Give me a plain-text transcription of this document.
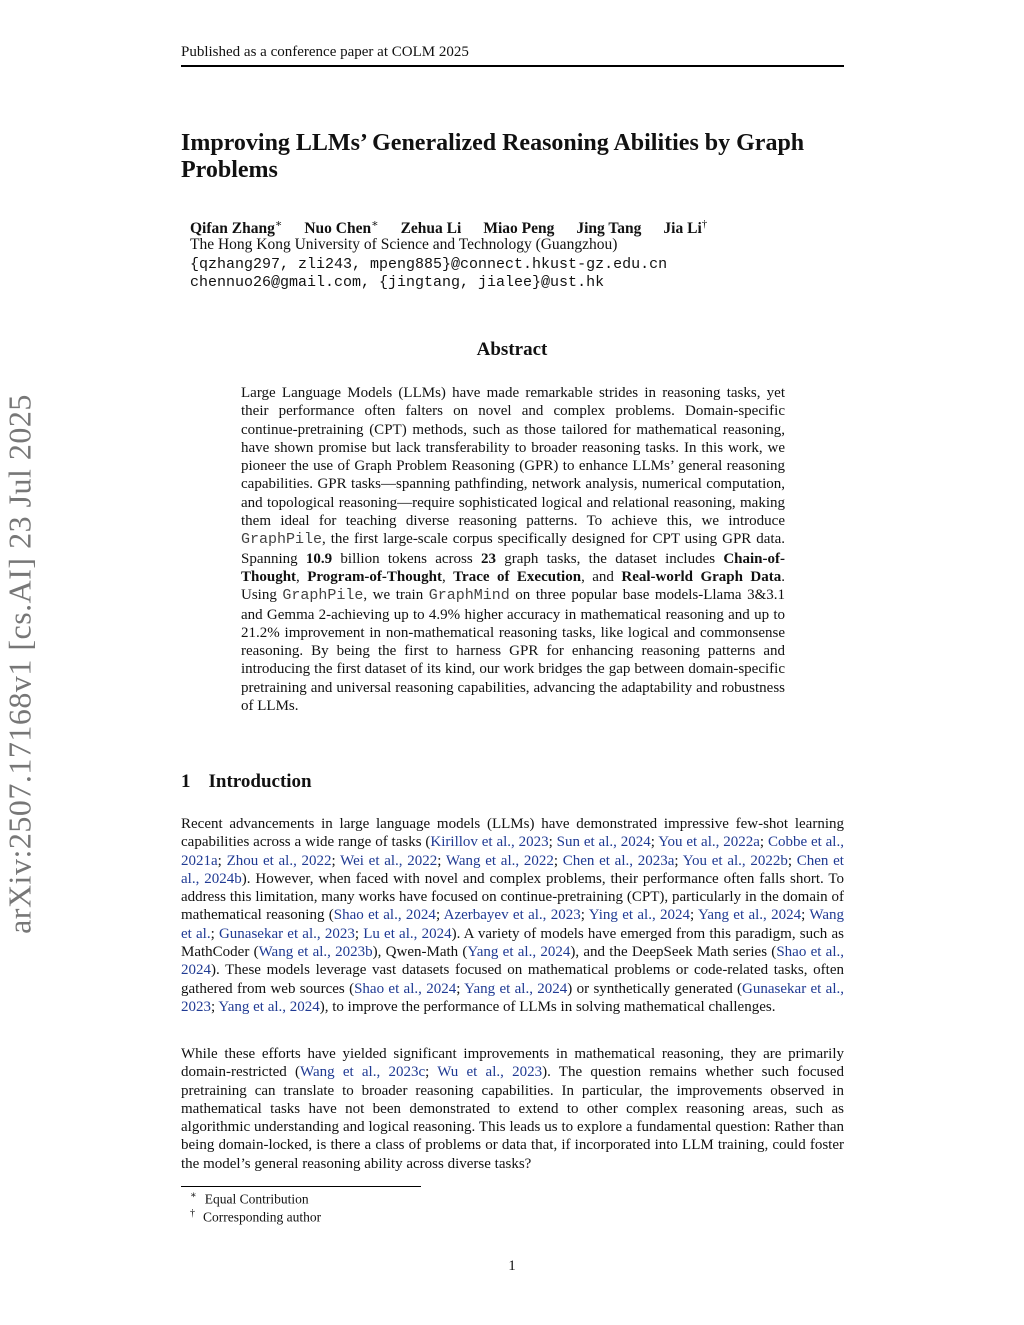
Published as a conference paper at COLM 2025
arXiv:2507.17168v1 [cs.AI] 23 Jul 2025
Improving LLMs’ Generalized Reasoning Abilities by Graph Problems
Qifan Zhang∗ Nuo Chen∗ Zehua Li Miao Peng Jing Tang Jia Li†
The Hong Kong University of Science and Technology (Guangzhou)
{qzhang297, zli243, mpeng885}@connect.hkust-gz.edu.cn
chennuo26@gmail.com, {jingtang, jialee}@ust.hk
Abstract
Large Language Models (LLMs) have made remarkable strides in reasoning tasks, yet their performance often falters on novel and complex problems. Domain-specific continue-pretraining (CPT) methods, such as those tailored for mathematical reasoning, have shown promise but lack transferability to broader reasoning tasks. In this work, we pioneer the use of Graph Problem Reasoning (GPR) to enhance LLMs’ general reasoning capabilities. GPR tasks—spanning pathfinding, network analysis, numerical computation, and topological reasoning—require sophisticated logical and relational reasoning, making them ideal for teaching diverse reasoning patterns. To achieve this, we introduce GraphPile, the first large-scale corpus specifically designed for CPT using GPR data. Spanning 10.9 billion tokens across 23 graph tasks, the dataset includes Chain-of-Thought, Program-of-Thought, Trace of Execution, and Real-world Graph Data. Using GraphPile, we train GraphMind on three popular base models-Llama 3&3.1 and Gemma 2-achieving up to 4.9% higher accuracy in mathematical reasoning and up to 21.2% improvement in non-mathematical reasoning tasks, like logical and commonsense reasoning. By being the first to harness GPR for enhancing reasoning patterns and introducing the first dataset of its kind, our work bridges the gap between domain-specific pretraining and universal reasoning capabilities, advancing the adaptability and robustness of LLMs.
1 Introduction
Recent advancements in large language models (LLMs) have demonstrated impressive few-shot learning capabilities across a wide range of tasks (Kirillov et al., 2023; Sun et al., 2024; You et al., 2022a; Cobbe et al., 2021a; Zhou et al., 2022; Wei et al., 2022; Wang et al., 2022; Chen et al., 2023a; You et al., 2022b; Chen et al., 2024b). However, when faced with novel and complex problems, their performance often falls short. To address this limitation, many works have focused on continue-pretraining (CPT), particularly in the domain of mathematical reasoning (Shao et al., 2024; Azerbayev et al., 2023; Ying et al., 2024; Yang et al., 2024; Wang et al.; Gunasekar et al., 2023; Lu et al., 2024). A variety of models have emerged from this paradigm, such as MathCoder (Wang et al., 2023b), Qwen-Math (Yang et al., 2024), and the DeepSeek Math series (Shao et al., 2024). These models leverage vast datasets focused on mathematical problems or code-related tasks, often gathered from web sources (Shao et al., 2024; Yang et al., 2024) or synthetically generated (Gunasekar et al., 2023; Yang et al., 2024), to improve the performance of LLMs in solving mathematical challenges.
While these efforts have yielded significant improvements in mathematical reasoning, they are primarily domain-restricted (Wang et al., 2023c; Wu et al., 2023). The question remains whether such focused pretraining can translate to broader reasoning capabilities. In particular, the improvements observed in mathematical tasks have not been demonstrated to extend to other complex reasoning areas, such as algorithmic understanding and logical reasoning. This leads us to explore a fundamental question: Rather than being domain-locked, is there a class of problems or data that, if incorporated into LLM training, could foster the model’s general reasoning ability across diverse tasks?
∗ Equal Contribution
† Corresponding author
1
